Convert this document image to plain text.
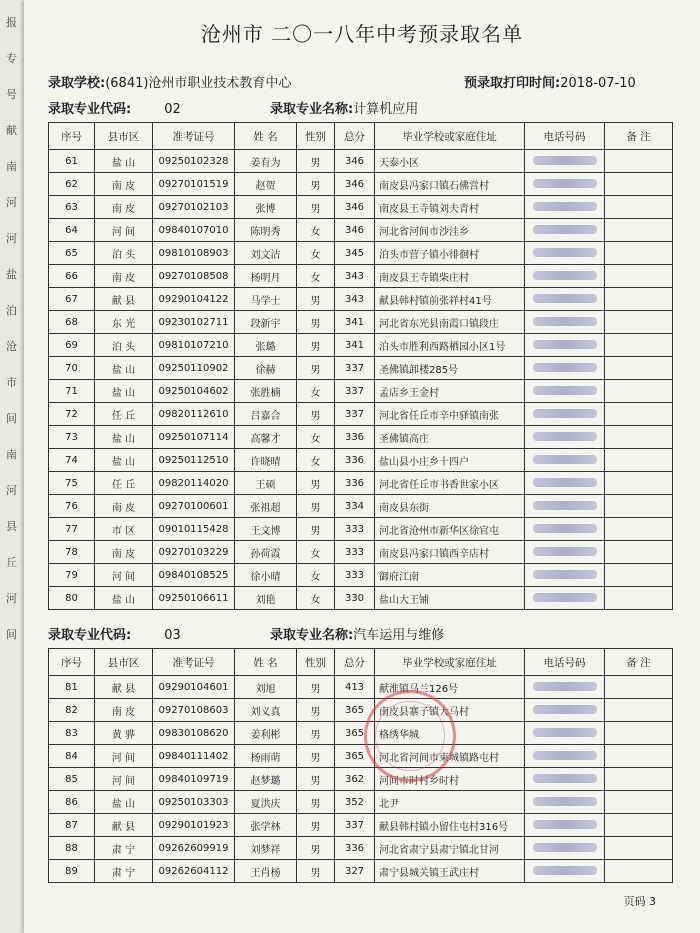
报
专
号
献
南
河
河
盐
泊
沧
市
间
南
河
县
丘
河
间
沧州市 二〇一八年中考预录取名单
录取学校:(6841)沧州市职业技术教育中心	预录取打印时间:2018-07-10
录取专业代码:	02	录取专业名称:计算机应用
序号	县市区	准考证号	姓 名	性别	总分	毕业学校或家庭住址	电话号码	备 注
61	盐 山	09250102328	姜有为	男	346	天泰小区		
62	南 皮	09270101519	赵贺	男	346	南皮县冯家口镇石佛営村		
63	南 皮	09270102103	张博	男	346	南皮县王寺镇刘夫青村		
64	河 间	09840107010	陈明秀	女	346	河北省河间市沙洼乡		
65	泊 头	09810108903	刘文洁	女	345	泊头市营子镇小徘徊村		
66	南 皮	09270108508	杨明月	女	343	南皮县王寺镇柴庄村		
67	献 县	09290104122	马学士	男	343	献县韩村镇前张祥村41号		
68	东 光	09230102711	段新宇	男	341	河北省东光县南霞口镇段庄		
69	泊 头	09810107210	张璐	男	341	泊头市胜利西路栖园小区1号		
70	盐 山	09250110902	徐赫	男	337	圣佛镇卸楼285号		
71	盐 山	09250104602	张胜楠	女	337	孟店乡王金村		
72	任 丘	09820112610	吕嘉合	男	337	河北省任丘市辛中驿镇南张		
73	盐 山	09250107114	高馨才	女	336	圣佛镇高庄		
74	盐 山	09250112510	许晓晴	女	336	盐山县小庄乡十四户		
75	任 丘	09820114020	王硕	男	336	河北省任丘市书香世家小区		
76	南 皮	09270100601	张祖超	男	334	南皮县东街		
77	市 区	09010115428	王文博	男	333	河北省沧州市新华区徐官屯		
78	南 皮	09270103229	孙荷霞	女	333	南皮县冯家口镇西辛店村		
79	河 间	09840108525	徐小晴	女	333	御府江南		
80	盐 山	09250106611	刘艳	女	330	盐山大王铺		
录取专业代码:	03	录取专业名称:汽车运用与维修
序号	县市区	准考证号	姓 名	性别	总分	毕业学校或家庭住址	电话号码	备 注
81	献 县	09290104601	刘旭	男	413	献淮镇马兰126号		
82	南 皮	09270108603	刘义真	男	365	南皮县寨子镇大马村		
83	黄 骅	09830108620	姜利彬	男	365	格绣华城		
84	河 间	09840111402	杨雨萌	男	365	河北省河间市束城镇路屯村		
85	河 间	09840109719	赵梦璐	男	362	河间市时村乡时村		
86	盐 山	09250103303	夏洪庆	男	352	北尹		
87	献 县	09290101923	张学林	男	337	献县韩村镇小留住屯村316号		
88	肃 宁	09262609919	刘梦祥	男	336	河北省肃宁县肃宁镇北甘河		
89	肃 宁	09262604112	王肖杨	男	327	肃宁县城关镇王武庄村		
页码 3
